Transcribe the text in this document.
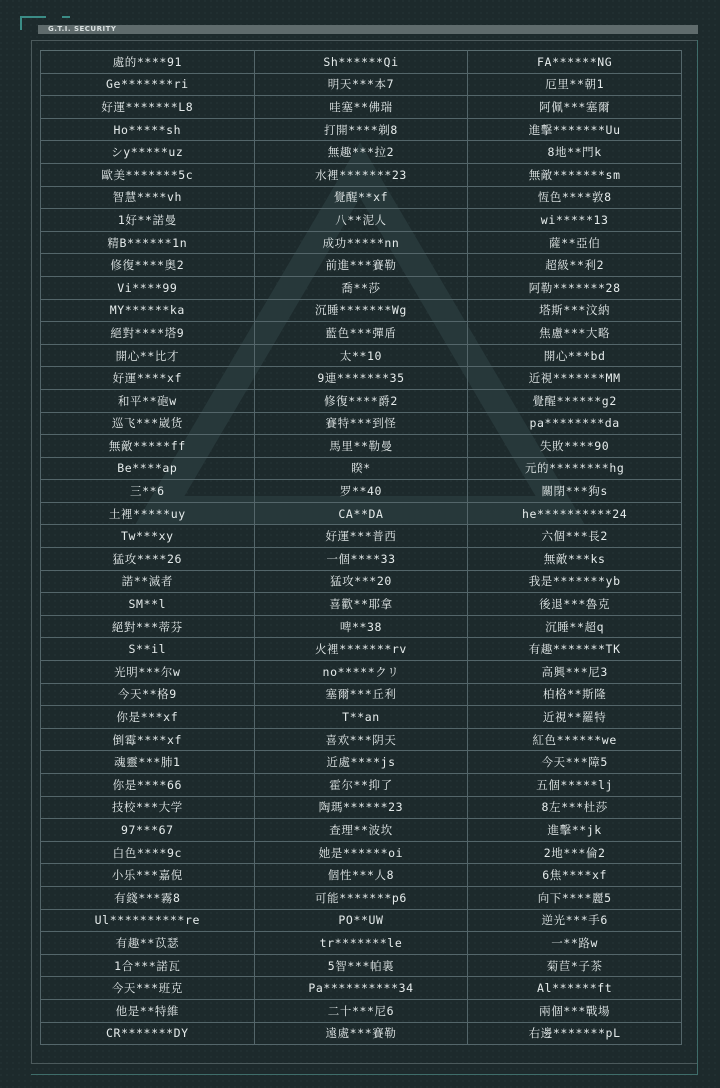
G.T.I. SECURITY
處的****91	Sh******Qi	FA******NG
Ge*******ri	明天***本7	厄里**朝1
好運*******L8	哇塞**佛瑞	阿佩***塞爾
Ho*****sh	打開****剃8	進擊*******Uu
シy*****uz	無趣***拉2	8地**門k
歐美*******5c	水裡*******23	無敵*******sm
智慧****vh	覺醒**xf	恆色****敦8
1好**諾曼	八**泥人	wi*****13
精B******1n	成功*****nn	薩**亞伯
修復****奥2	前進***賽勒	超級**利2
Vi****99	喬**莎	阿勒*******28
MY******ka	沉睡*******Wg	塔斯***汶納
絕對****塔9	藍色***彈盾	焦慮***大略
開心**比才	太**10	開心***bd
好運****xf	9連*******35	近視*******MM
和平**砲w	修復****爵2	覺醒******g2
巡飞***崴货	賽特***到怪	pa********da
無敵*****ff	馬里**勒曼	失敗****90
Be****ap	睽*	元的********hg
三**6	罗**40	關閉***狗s
土裡*****uy	CA**DA	he**********24
Tw***xy	好運***普西	六個***長2
猛攻****26	一個****33	無敵***ks
諾**滅者	猛攻***20	我是*******yb
SM**l	喜歡**耶拿	後退***魯克
絕對***蒂芬	啤**38	沉睡**超q
S**il	火裡*******rv	有趣*******TK
光明***尔w	no*****クリ	高興***尼3
今天**格9	塞爾***丘利	柏格**斯隆
你是***xf	T**an	近視**羅特
倒霉****xf	喜欢***阴天	紅色******we
魂靈***肺1	近處****js	今天***障5
你是****66	霍尔**抑了	五個*****lj
技校***大学	陶瑪******23	8左***杜莎
97***67	查理**波坎	進擊**jk
白色****9c	她是******oi	2地***倫2
小乐***嘉倪	個性***人8	6焦****xf
有錢***霧8	可能*******p6	向下****麗5
Ul**********re	PO**UW	逆光***手6
有趣**苡瑟	tr*******le	一**路w
1合***諾瓦	5智***帕裏	菊苣*子茶
今天***班克	Pa**********34	Al******ft
他是**特維	二十***尼6	兩個***戰場
CR*******DY	遠處***賽勒	右邊*******pL
